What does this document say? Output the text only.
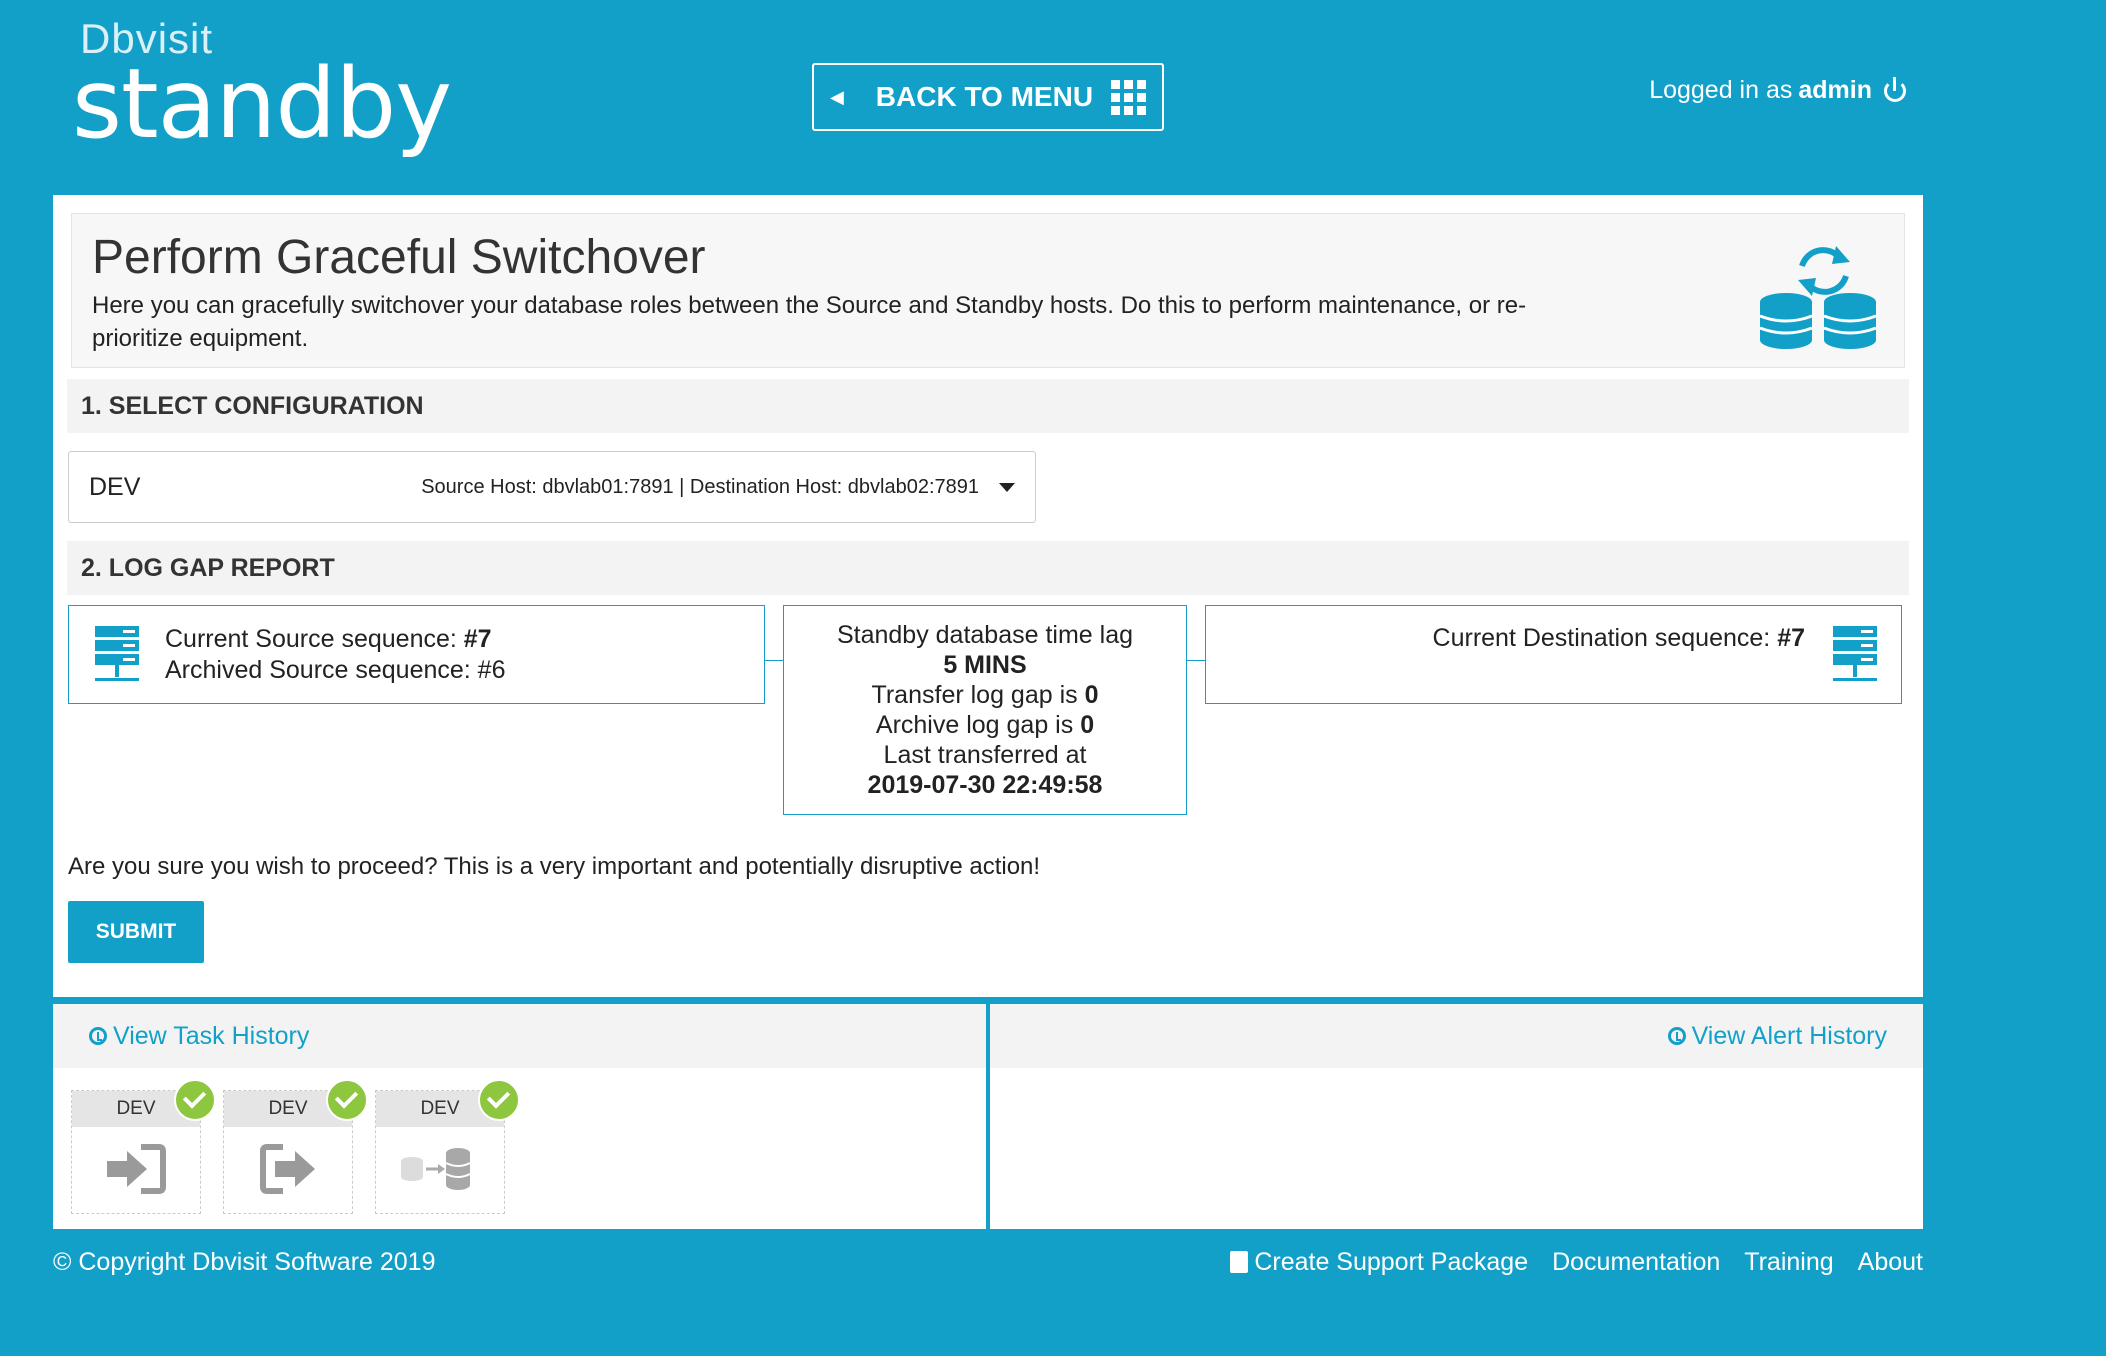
Dbvisit
standby	◀ BACK TO MENU	Logged in as admin
Perform Graceful Switchover

Here you can gracefully switchover your database roles between the Source and Standby hosts. Do this to perform maintenance, or re-prioritize equipment.

1. SELECT CONFIGURATION
DEV	Source Host: dbvlab01:7891 | Destination Host: dbvlab02:7891
2. LOG GAP REPORT
Current Source sequence: #7
Archived Source sequence: #6
Standby database time lag
5 MINS
Transfer log gap is 0
Archive log gap is 0
Last transferred at
2019-07-30 22:49:58
Current Destination sequence: #7
Are you sure you wish to proceed? This is a very important and potentially disruptive action!
SUBMIT
View Task History
DEV	DEV	DEV
View Alert History
© Copyright Dbvisit Software 2019	Create Support Package Documentation Training About
